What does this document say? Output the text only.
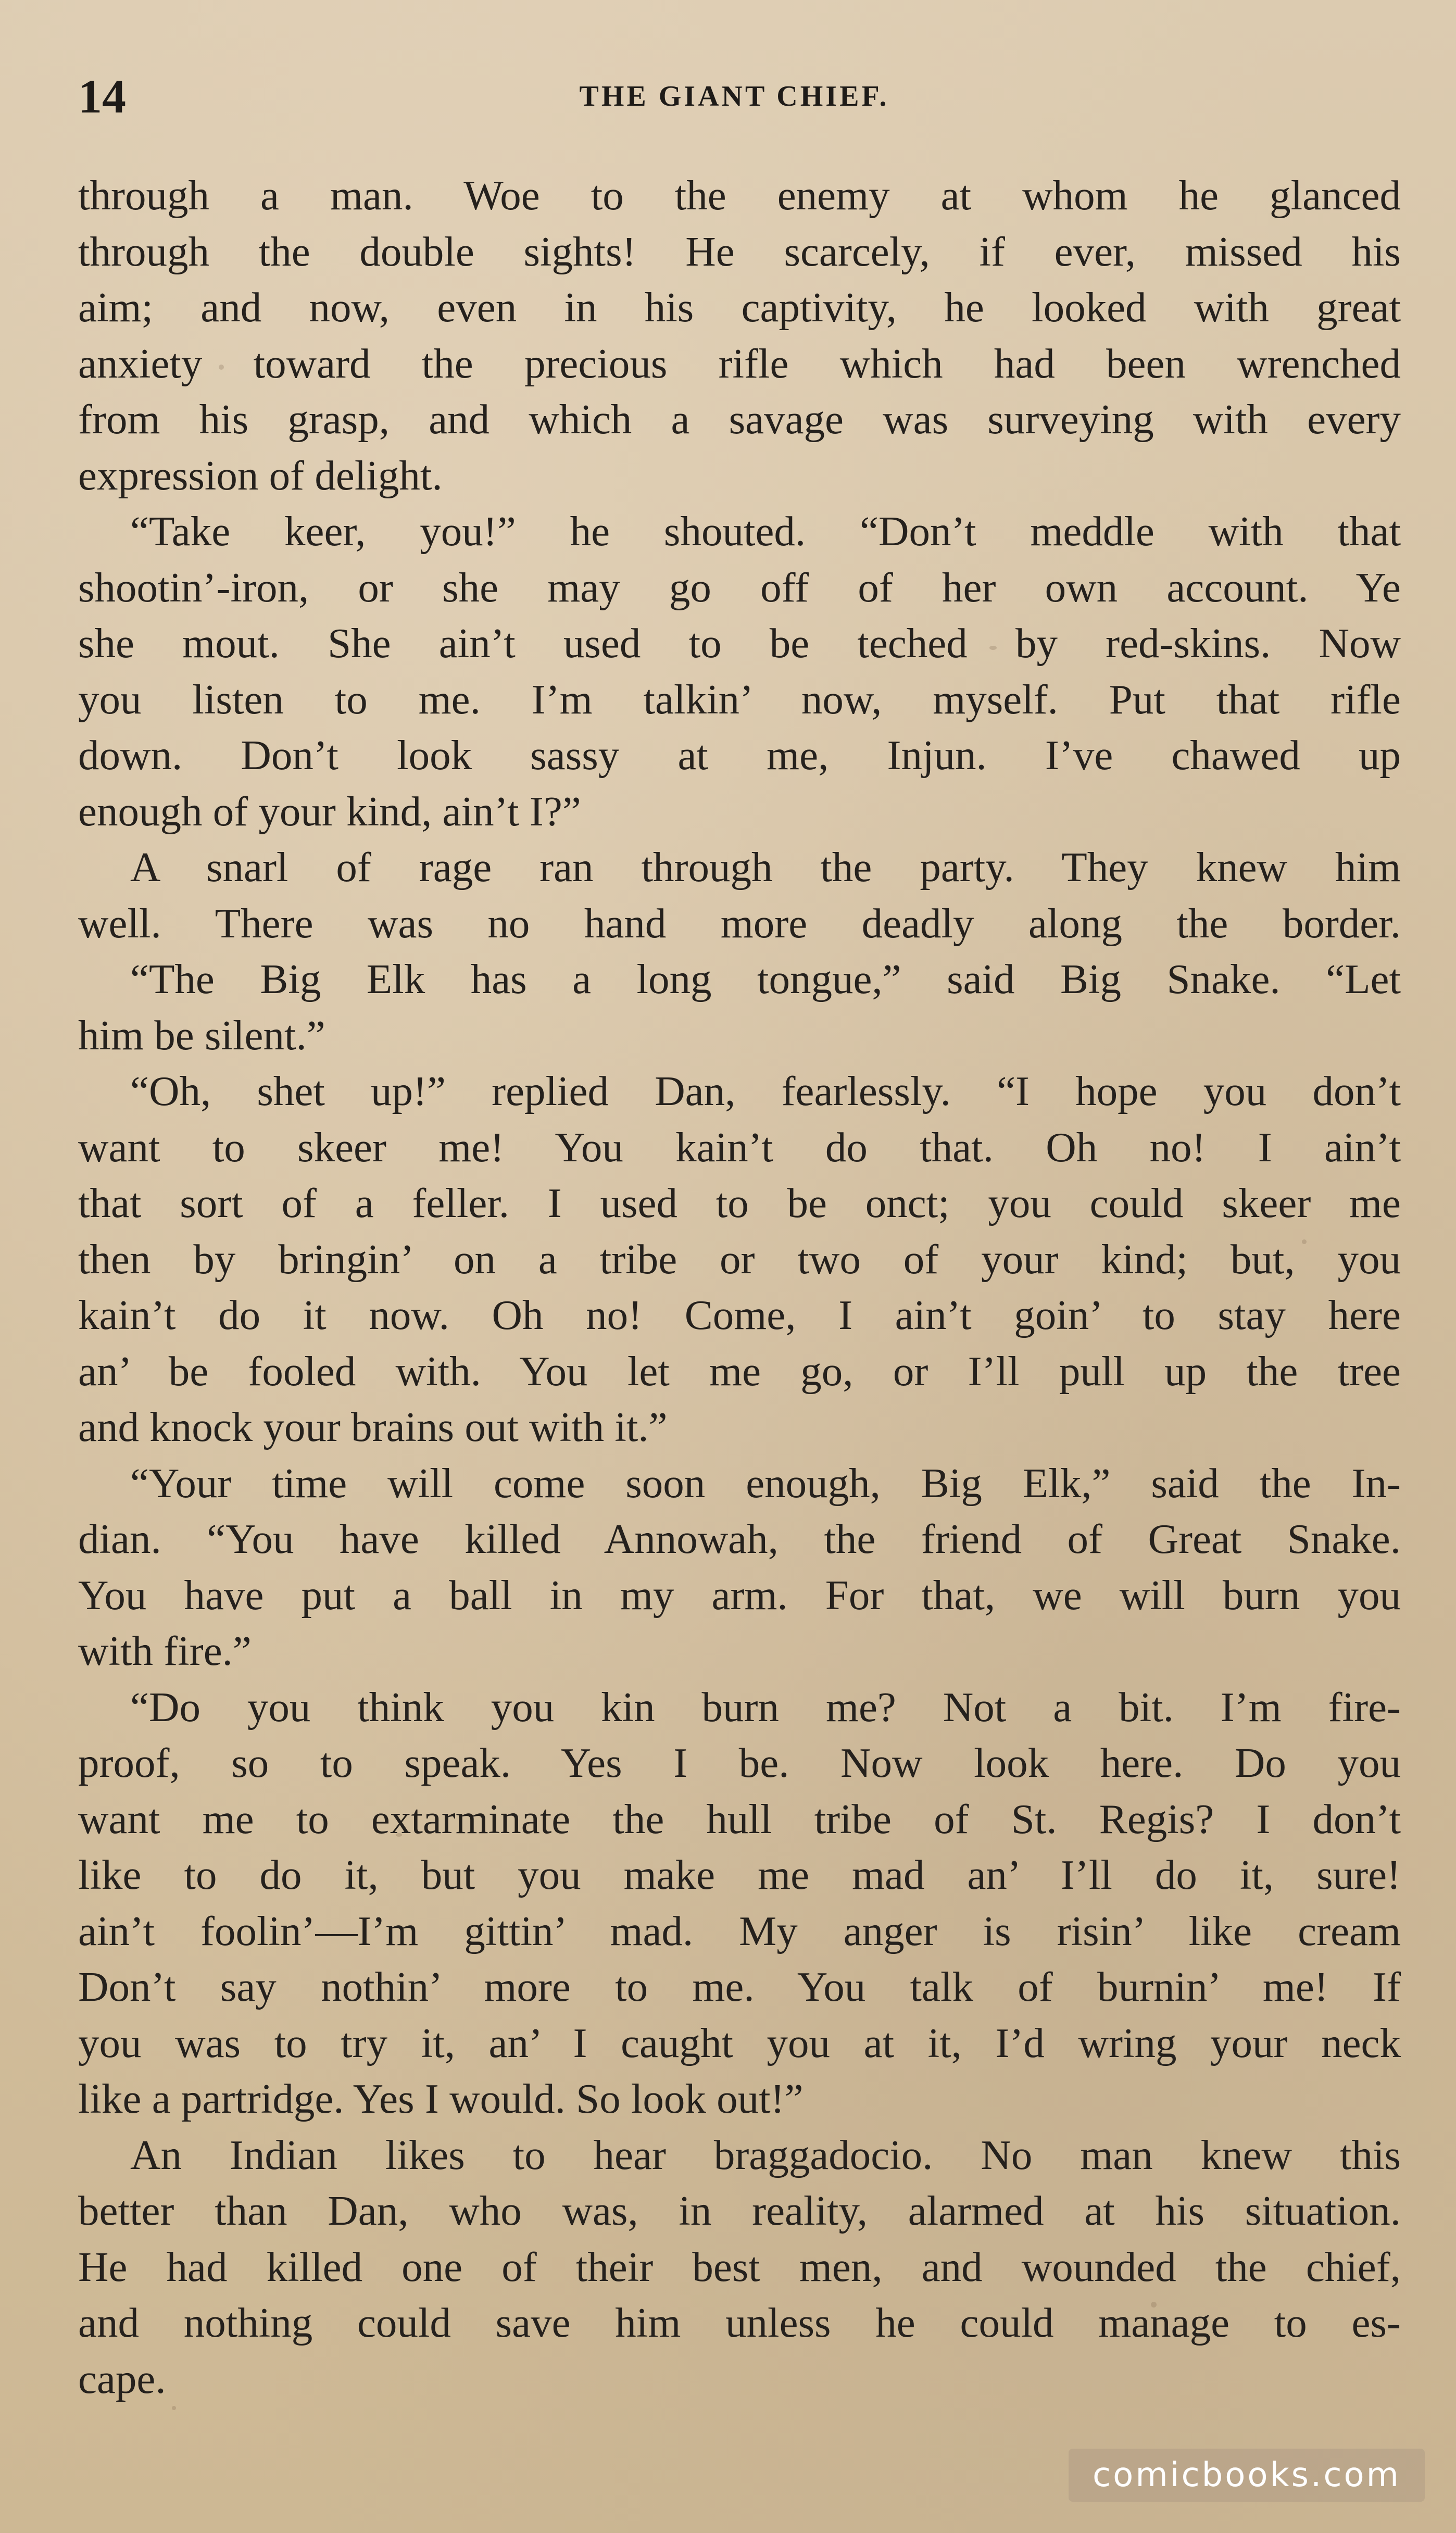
14	THE GIANT CHIEF.
through a man. Woe to the enemy at whom he glanced
through the double sights! He scarcely, if ever, missed his
aim; and now, even in his captivity, he looked with great
anxiety toward the precious rifle which had been wrenched
from his grasp, and which a savage was surveying with every
expression of delight.
“Take keer, you!” he shouted. “Don’t meddle with that
shootin’-iron, or she may go off of her own account. Ye
she mout. She ain’t used to be teched by red-skins. Now
you listen to me. I’m talkin’ now, myself. Put that rifle
down. Don’t look sassy at me, Injun. I’ve chawed up
enough of your kind, ain’t I?”
A snarl of rage ran through the party. They knew him
well. There was no hand more deadly along the border.
“The Big Elk has a long tongue,” said Big Snake. “Let
him be silent.”
“Oh, shet up!” replied Dan, fearlessly. “I hope you don’t
want to skeer me! You kain’t do that. Oh no! I ain’t
that sort of a feller. I used to be onct; you could skeer me
then by bringin’ on a tribe or two of your kind; but, you
kain’t do it now. Oh no! Come, I ain’t goin’ to stay here
an’ be fooled with. You let me go, or I’ll pull up the tree
and knock your brains out with it.”
“Your time will come soon enough, Big Elk,” said the In-
dian. “You have killed Annowah, the friend of Great Snake.
You have put a ball in my arm. For that, we will burn you
with fire.”
“Do you think you kin burn me? Not a bit. I’m fire-
proof, so to speak. Yes I be. Now look here. Do you
want me to extarminate the hull tribe of St. Regis? I don’t
like to do it, but you make me mad an’ I’ll do it, sure!
ain’t foolin’—I’m gittin’ mad. My anger is risin’ like cream
Don’t say nothin’ more to me. You talk of burnin’ me! If
you was to try it, an’ I caught you at it, I’d wring your neck
like a partridge. Yes I would. So look out!”
An Indian likes to hear braggadocio. No man knew this
better than Dan, who was, in reality, alarmed at his situation.
He had killed one of their best men, and wounded the chief,
and nothing could save him unless he could manage to es-
cape.
comicbooks.com
